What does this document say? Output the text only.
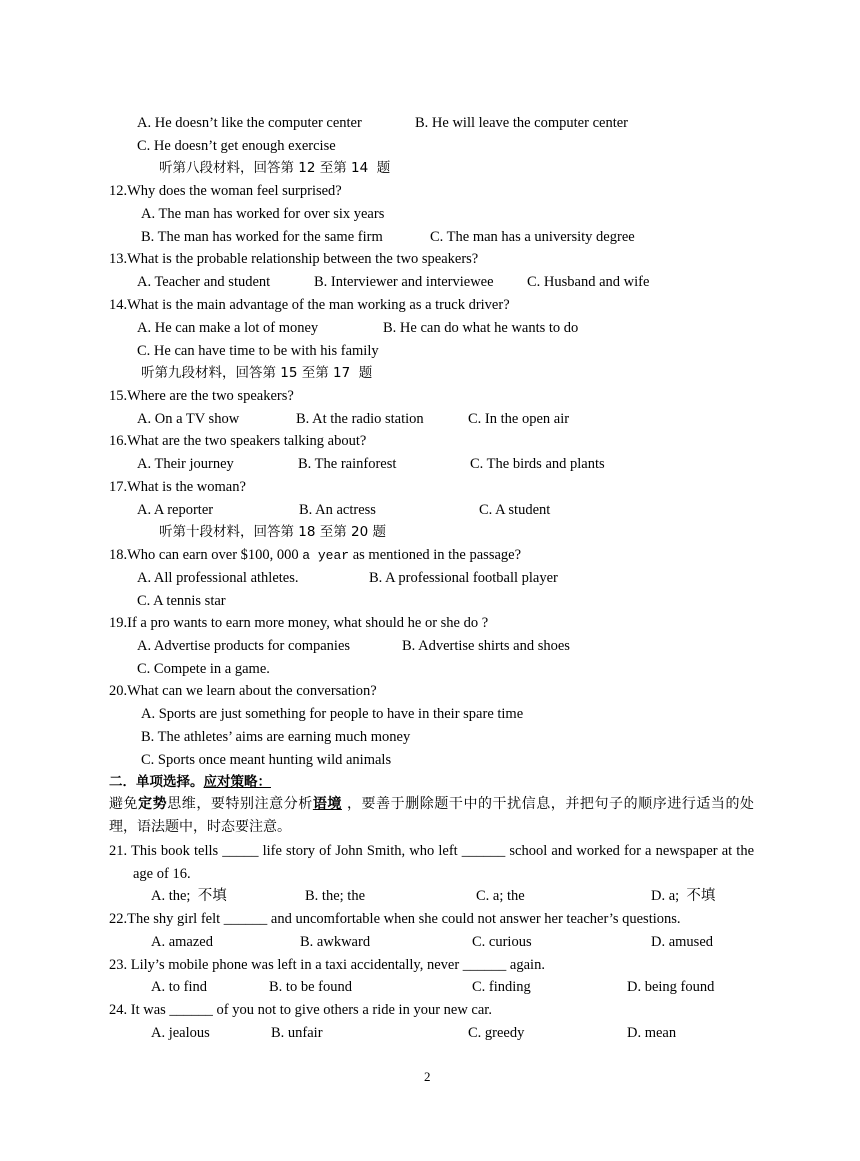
A. He doesn’t like the computer center	B. He will leave the computer center
C. He doesn’t get enough exercise
听第八段材料，回答第 12 至第 14  题
12.Why does the woman feel surprised?
A. The man has worked for over six years
B. The man has worked for the same firm	C. The man has a university degree
13.What is the probable relationship between the two speakers?
A. Teacher and student	B. Interviewer and interviewee C. Husband and wife
14.What is the main advantage of the man working as a truck driver?
A. He can make a lot of money	B. He can do what he wants to do
C. He can have time to be with his family
听第九段材料，回答第 15 至第 17  题
15.Where are the two speakers?
A. On a TV show	B. At the radio station	C. In the open air
16.What are the two speakers talking about?
A. Their journey	B. The rainforest	C. The birds and plants
17.What is the woman?
A. A reporter	B. An actress	C. A student
听第十段材料，回答第 18 至第 20 题
18.Who can earn over $100, 000 a year as mentioned in the passage?
A. All professional athletes.	B. A professional football player
C. A tennis star
19.If a pro wants to earn more money, what should he or she do ?
A. Advertise products for companies	B. Advertise shirts and shoes
C. Compete in a game.
20.What can we learn about the conversation?
A. Sports are just something for people to have in their spare time
B. The athletes’ aims are earning much money
C. Sports once meant hunting wild animals
二．单项选择。应对策略：
避免定势思维，要特别注意分析语境 ，要善于删除题干中的干扰信息，并把句子的顺序进行适当的处理，语法题中，时态要注意。
21. This book tells _____ life story of John Smith, who left ______ school and worked for a newspaper at the age of 16.
A. the;  不填	B. the; the	C. a; the	D. a;  不填
22.The shy girl felt ______ and uncomfortable when she could not answer her teacher’s questions.
A. amazed	B. awkward	C. curious	D. amused
23. Lily’s mobile phone was left in a taxi accidentally, never ______ again.
A. to find	B. to be found	C. finding	D. being found
24. It was ______ of you not to give others a ride in your new car.
A. jealous	B. unfair	C. greedy	D. mean
2
